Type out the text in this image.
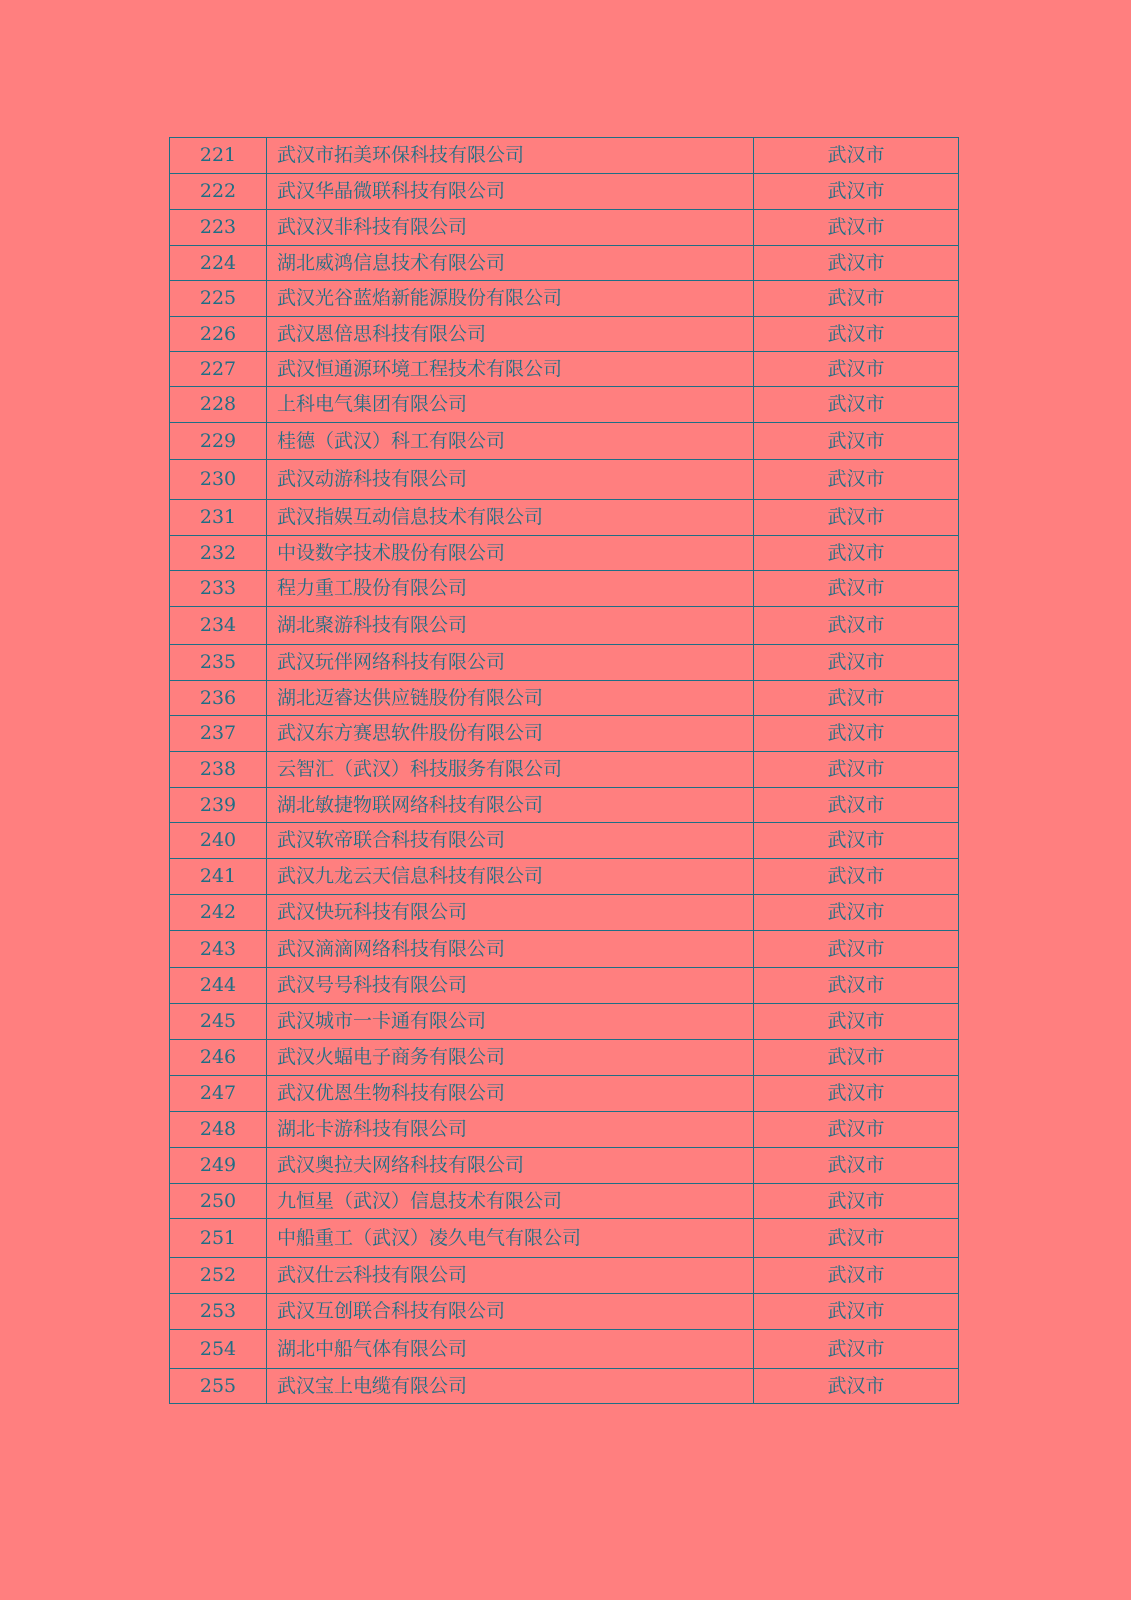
221	武汉市拓美环保科技有限公司	武汉市
222	武汉华晶微联科技有限公司	武汉市
223	武汉汉非科技有限公司	武汉市
224	湖北威鸿信息技术有限公司	武汉市
225	武汉光谷蓝焰新能源股份有限公司	武汉市
226	武汉恩倍思科技有限公司	武汉市
227	武汉恒通源环境工程技术有限公司	武汉市
228	上科电气集团有限公司	武汉市
229	桂德（武汉）科工有限公司	武汉市
230	武汉动游科技有限公司	武汉市
231	武汉指娱互动信息技术有限公司	武汉市
232	中设数字技术股份有限公司	武汉市
233	程力重工股份有限公司	武汉市
234	湖北聚游科技有限公司	武汉市
235	武汉玩伴网络科技有限公司	武汉市
236	湖北迈睿达供应链股份有限公司	武汉市
237	武汉东方赛思软件股份有限公司	武汉市
238	云智汇（武汉）科技服务有限公司	武汉市
239	湖北敏捷物联网络科技有限公司	武汉市
240	武汉软帝联合科技有限公司	武汉市
241	武汉九龙云天信息科技有限公司	武汉市
242	武汉快玩科技有限公司	武汉市
243	武汉滴滴网络科技有限公司	武汉市
244	武汉号号科技有限公司	武汉市
245	武汉城市一卡通有限公司	武汉市
246	武汉火蝠电子商务有限公司	武汉市
247	武汉优恩生物科技有限公司	武汉市
248	湖北卡游科技有限公司	武汉市
249	武汉奥拉夫网络科技有限公司	武汉市
250	九恒星（武汉）信息技术有限公司	武汉市
251	中船重工（武汉）凌久电气有限公司	武汉市
252	武汉仕云科技有限公司	武汉市
253	武汉互创联合科技有限公司	武汉市
254	湖北中船气体有限公司	武汉市
255	武汉宝上电缆有限公司	武汉市
